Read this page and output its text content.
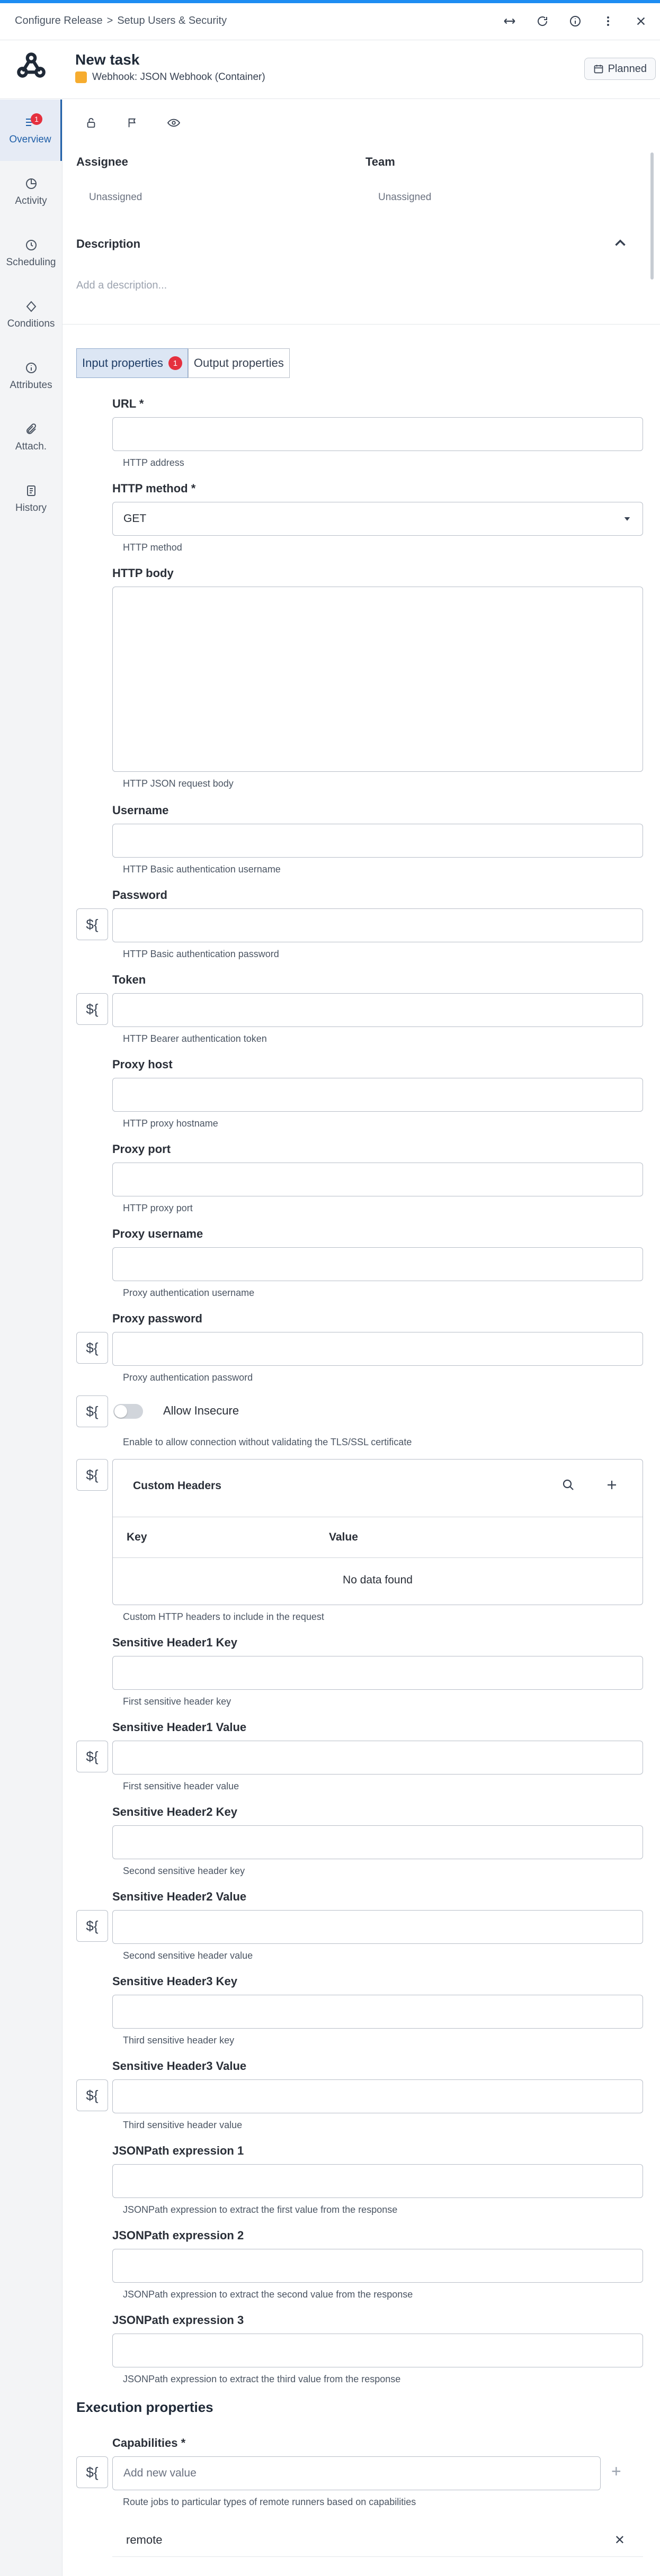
Configure Release > Setup Users & Security
New task
Webhook: JSON Webhook (Container)
Planned
1
Overview
Activity
Scheduling
Conditions
Attributes
Attach.
History
Assignee
Unassigned
Team
Unassigned
Description
Add a description...
Input properties	1	Output properties
URL *
HTTP address
HTTP method *
GET
HTTP method
HTTP body
HTTP JSON request body
Username
HTTP Basic authentication username
Password
${
HTTP Basic authentication password
Token
${
HTTP Bearer authentication token
Proxy host
HTTP proxy hostname
Proxy port
HTTP proxy port
Proxy username
Proxy authentication username
Proxy password
${
Proxy authentication password
${	Allow Insecure
Enable to allow connection without validating the TLS/SSL certificate
${
Custom Headers
Key	Value
No data found
Custom HTTP headers to include in the request
Sensitive Header1 Key
First sensitive header key
Sensitive Header1 Value
${
First sensitive header value
Sensitive Header2 Key
Second sensitive header key
Sensitive Header2 Value
${
Second sensitive header value
Sensitive Header3 Key
Third sensitive header key
Sensitive Header3 Value
${
Third sensitive header value
JSONPath expression 1
JSONPath expression to extract the first value from the response
JSONPath expression 2
JSONPath expression to extract the second value from the response
JSONPath expression 3
JSONPath expression to extract the third value from the response
Execution properties
Capabilities *
${	Add new value	+
Route jobs to particular types of remote runners based on capabilities
remote	✕
